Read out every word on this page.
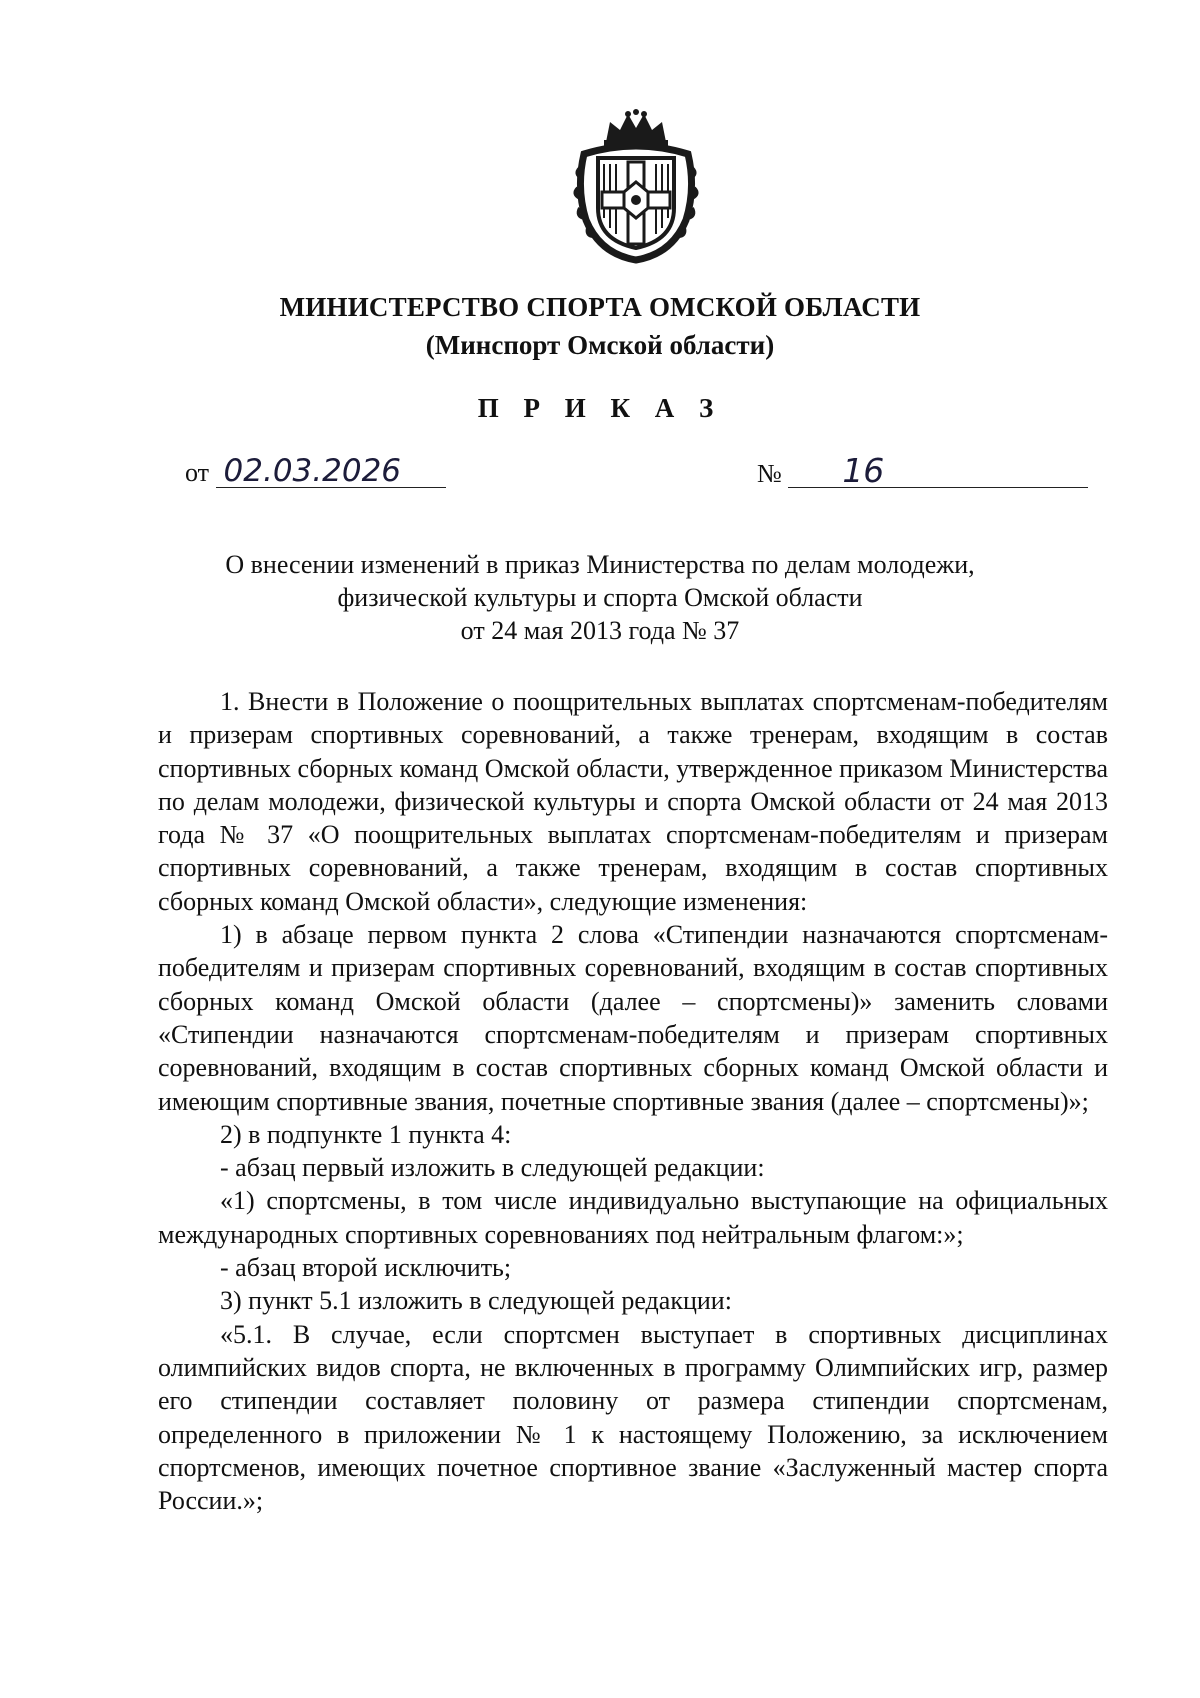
МИНИСТЕРСТВО СПОРТА ОМСКОЙ ОБЛАСТИ
(Минспорт Омской области)
П Р И К А З
от 02.03.2026	№ 16
О внесении изменений в приказ Министерства по делам молодежи,
физической культуры и спорта Омской области
от 24 мая 2013 года № 37

1. Внести в Положение о поощрительных выплатах спортсменам-победителям и призерам спортивных соревнований, а также тренерам, входящим в состав спортивных сборных команд Омской области, утвержденное приказом Министерства по делам молодежи, физической культуры и спорта Омской области от 24 мая 2013 года № 37 «О поощрительных выплатах спортсменам-победителям и призерам спортивных соревнований, а также тренерам, входящим в состав спортивных сборных команд Омской области», следующие изменения:

1) в абзаце первом пункта 2 слова «Стипендии назначаются спортсменам-победителям и призерам спортивных соревнований, входящим в состав спортивных сборных команд Омской области (далее – спортсмены)» заменить словами «Стипендии назначаются спортсменам-победителям и призерам спортивных соревнований, входящим в состав спортивных сборных команд Омской области и имеющим спортивные звания, почетные спортивные звания (далее – спортсмены)»;

2) в подпункте 1 пункта 4:

- абзац первый изложить в следующей редакции:

«1) спортсмены, в том числе индивидуально выступающие на официальных международных спортивных соревнованиях под нейтральным флагом:»;

- абзац второй исключить;

3) пункт 5.1 изложить в следующей редакции:

«5.1. В случае, если спортсмен выступает в спортивных дисциплинах олимпийских видов спорта, не включенных в программу Олимпийских игр, размер его стипендии составляет половину от размера стипендии спортсменам, определенного в приложении № 1 к настоящему Положению, за исключением спортсменов, имеющих почетное спортивное звание «Заслуженный мастер спорта России.»;
